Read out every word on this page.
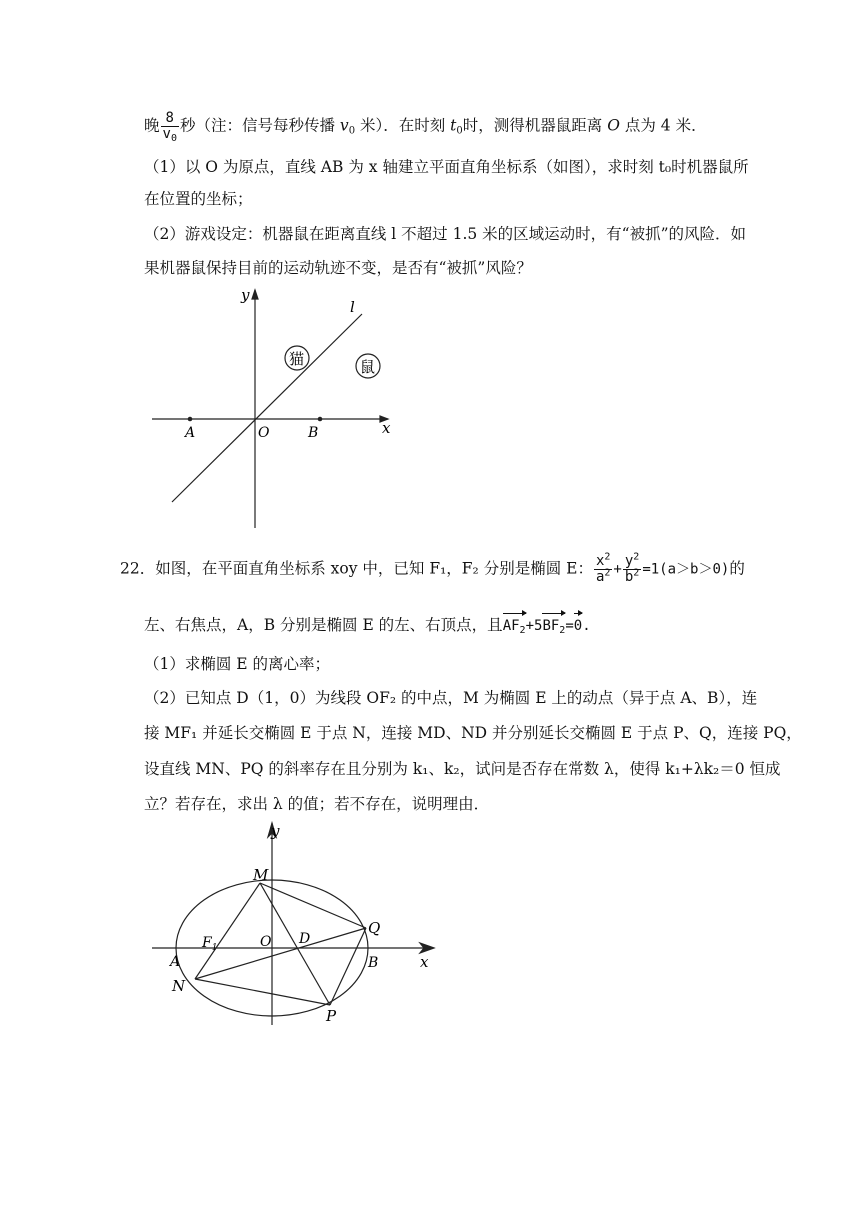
晚 $\frac{8}{v_0}$ 秒（注：信号每秒传播 $v_0$ 米）．在时刻 $t_0$时，测得机器鼠距离 O 点为 4 米．
（1）以 O 为原点，直线 AB 为 x 轴建立平面直角坐标系（如图），求时刻 t₀时机器鼠所
在位置的坐标；
（2）游戏设定：机器鼠在距离直线 l 不超过 1.5 米的区域运动时，有“被抓”的风险．如
果机器鼠保持目前的运动轨迹不变，是否有“被抓”风险？
y
x
l
O
A	B
猫	鼠
22．如图，在平面直角坐标系 xoy 中，已知 F₁，F₂ 分别是椭圆 E： $\frac{x^2}{a^2} + \frac{y^2}{b^2} =1(a>b>0)$的
左、右焦点，A，B 分别是椭圆 E 的左、右顶点，且$AF_2+5BF_2=0$.
（1）求椭圆 E 的离心率；
（2）已知点 D（1，0）为线段 OF₂ 的中点，M 为椭圆 E 上的动点（异于点 A、B），连
接 MF₁ 并延长交椭圆 E 于点 N，连接 MD、ND 并分别延长交椭圆 E 于点 P、Q，连接 PQ，
设直线 MN、PQ 的斜率存在且分别为 k₁、k₂，试问是否存在常数 λ，使得 k₁+λk₂＝0 恒成
立？若存在，求出 λ 的值；若不存在，说明理由．
y
x
M
$F_1$	O D
Q
A	B
N
P
